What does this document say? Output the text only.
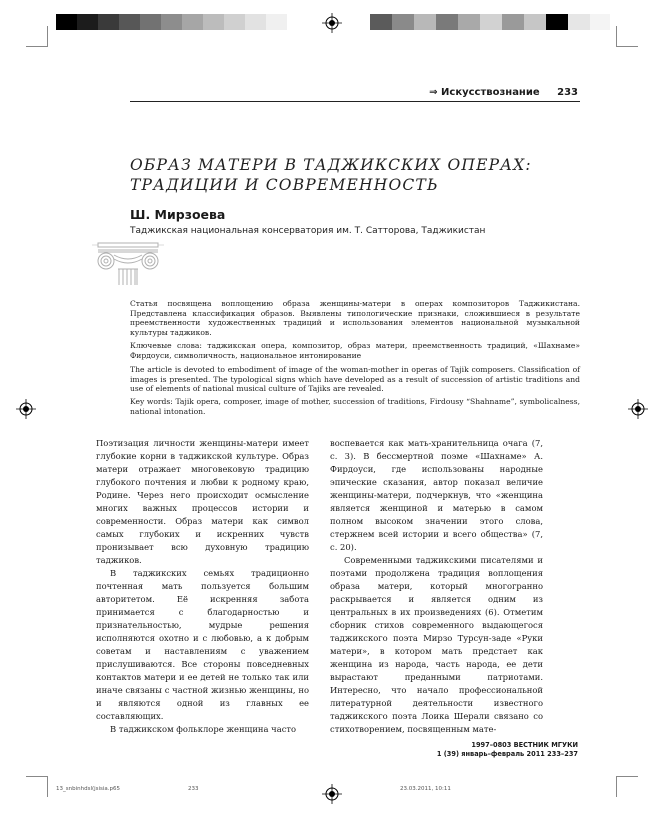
⇒ Искусствознание 233
ОБРАЗ МАТЕРИ В ТАДЖИКСКИХ ОПЕРАХ:
ТРАДИЦИИ И СОВРЕМЕННОСТЬ
Ш. Мирзоева
Таджикская национальная консерватория им. Т. Сатторова, Таджикистан
Статья посвящена воплощению образа женщины-матери в операх композиторов Таджикистана. Представлена классификация образов. Выявлены типологические признаки, сложившиеся в результате преемственности художественных традиций и использования элементов национальной музыкальной культуры таджиков.
Ключевые слова: таджикская опера, композитор, образ матери, преемственность традиций, «Шахнаме» Фирдоуси, символичность, национальное интонирование
The article is devoted to embodiment of image of the woman-mother in operas of Tajik composers. Classification of images is presented. The typological signs which have developed as a result of succession of artistic traditions and use of elements of national musical culture of Tajiks are revealed.
Key words: Tajik opera, composer, image of mother, succession of traditions, Firdousy “Shahname”, symbolicalness, national intonation.

Поэтизация личности женщины-матери имеет глубокие корни в таджикской культуре. Образ матери отражает многовековую традицию глубокого почтения и любви к родному краю, Родине. Через него происходит осмысление многих важных процессов истории и современности. Образ матери как символ самых глубоких и искренних чувств пронизывает всю духовную традицию таджиков.

В таджикских семьях традиционно почтенная мать пользуется большим авторитетом. Её искренняя забота принимается с благодарностью и признательностью, мудрые решения исполняются охотно и с любовью, а к добрым советам и наставлениям с уважением прислушиваются. Все стороны повседневных контактов матери и ее детей не только так или иначе связаны с частной жизнью женщины, но и являются одной из главных ее составляющих.

В таджикском фольклоре женщина часто

воспевается как мать-хранительница очага (7, с. 3). В бессмертной поэме «Шахнаме» А. Фирдоуси, где использованы народные эпические сказания, автор показал величие женщины-матери, подчеркнув, что «женщина является женщиной и матерью в самом полном высоком значении этого слова, стержнем всей истории и всего общества» (7, с. 20).

Современными таджикскими писателями и поэтами продолжена традиция воплощения образа матери, который многогранно раскрывается и является одним из центральных в их произведениях (6). Отметим сборник стихов современного выдающегося таджикского поэта Мирзо Турсун-заде «Руки матери», в котором мать предстает как женщина из народа, часть народа, ее дети вырастают преданными патриотами. Интересно, что начало профессиональной литературной деятельности известного таджикского поэта Лоика Шерали связано со стихотворением, посвященным мате-

1997–0803 ВЕСТНИК МГУКИ
1 (39) январь–февраль 2011 233–237
13_snbinhdsl(jsisia.p65	233	23.03.2011, 10:11
